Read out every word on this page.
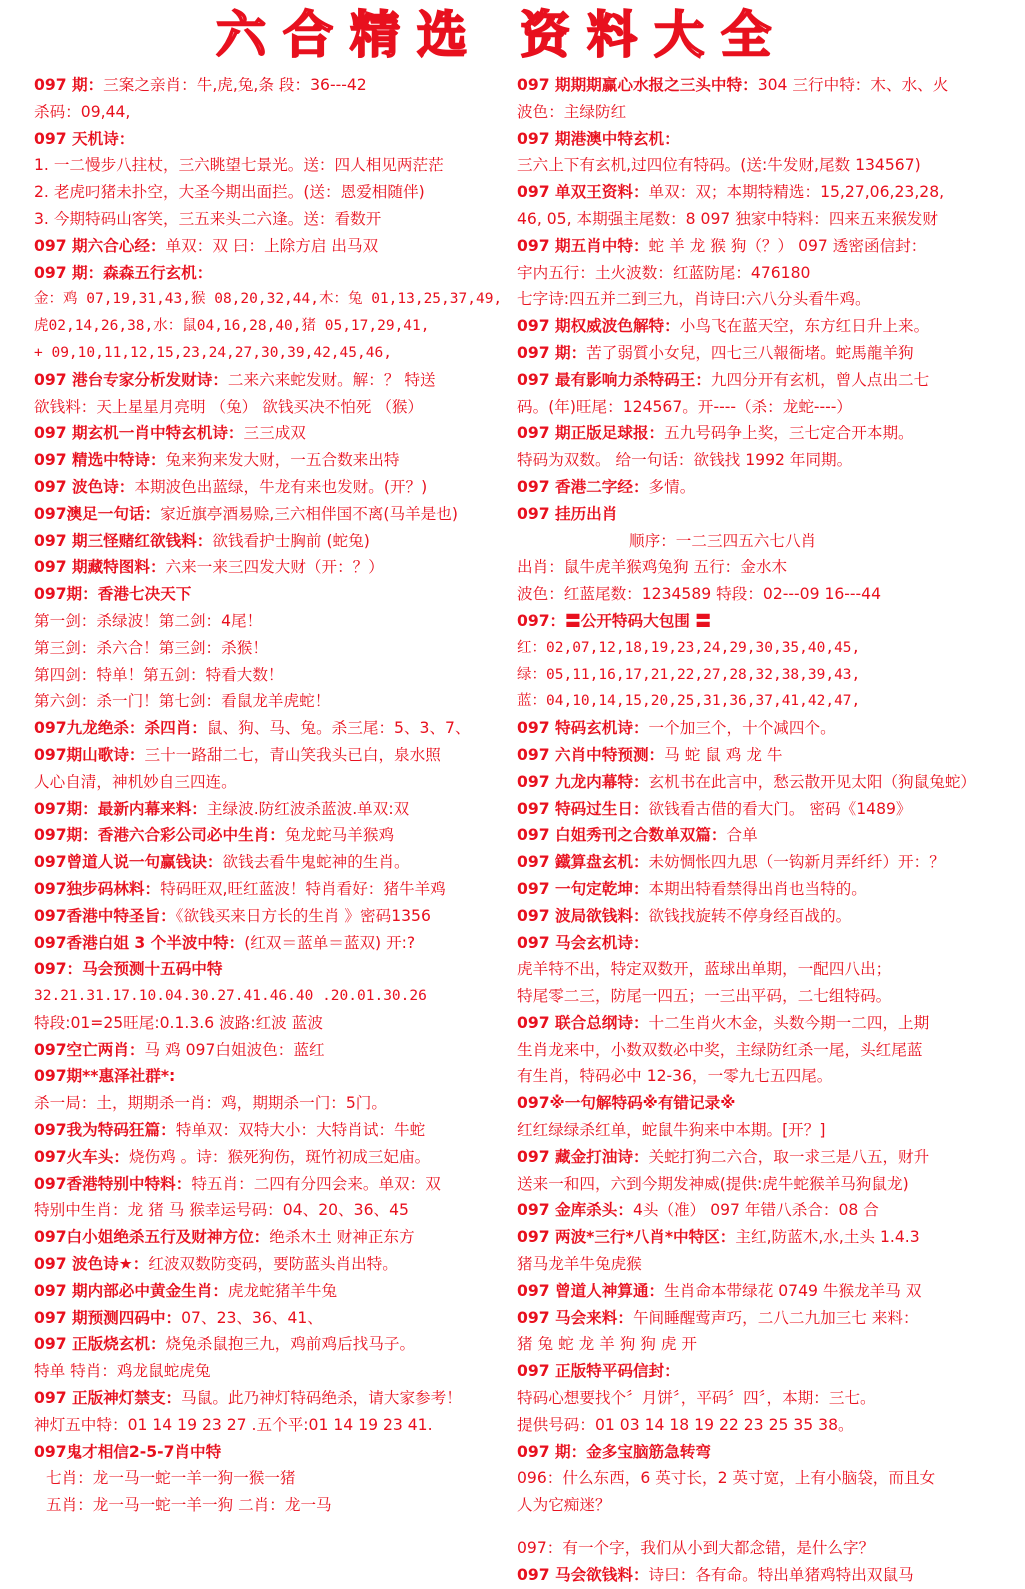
六 合 精 选 资 料 大 全
097 期：三案之亲肖：牛,虎,兔,条 段：36---42
杀码：09,44,
097 天机诗：
1. 一二慢步八拄杖，三六眺望七景光。送：四人相见两茫茫
2. 老虎叼猪未扑空，大圣今期出面拦。(送：恩爱相随伴)
3. 今期特码山客笑，三五来头二六逢。送：看数开
097 期六合心经：单双：双 曰：上除方启 出马双
097 期：森森五行玄机：
金：鸡 07,19,31,43,猴 08,20,32,44,木：兔 01,13,25,37,49,
虎02,14,26,38,水：鼠04,16,28,40,猪 05,17,29,41,
+ 09,10,11,12,15,23,24,27,30,39,42,45,46,
097 港台专家分析发财诗：二来六来蛇发财。解：？ 特送
欲钱料：天上星星月亮明 （兔） 欲钱买决不怕死 （猴）
097 期玄机一肖中特玄机诗：三三成双
097 精选中特诗：兔来狗来发大财，一五合数来出特
097 波色诗：本期波色出蓝绿，牛龙有来也发财。(开？)
097澳足一句话：家近旗亭酒易赊,三六相伴国不离(马羊是也)
097 期三怪赌红欲钱料：欲钱看护士胸前 (蛇兔)
097 期藏特图料：六来一来三四发大财（开：？）
097期：香港七决天下
第一剑：杀绿波！第二剑：4尾！
第三剑：杀六合！第三剑：杀猴！
第四剑：特单！第五剑：特看大数！
第六剑：杀一门！第七剑：看鼠龙羊虎蛇！
097九龙绝杀：杀四肖：鼠、狗、马、兔。杀三尾：5、3、7、
097期山歌诗：三十一路甜二七，青山笑我头已白，泉水照
人心自清，神机妙自三四连。
097期：最新内幕来料：主绿波.防红波杀蓝波.单双:双
097期：香港六合彩公司必中生肖：兔龙蛇马羊猴鸡
097曾道人说一句赢钱诀：欲钱去看牛鬼蛇神的生肖。
097独步码林料：特码旺双,旺红蓝波！特肖看好：猪牛羊鸡
097香港中特圣旨：《欲钱买来日方长的生肖 》密码1356
097香港白姐 3 个半波中特：(红双＝蓝单＝蓝双) 开:?
097：马会预测十五码中特
32.21.31.17.10.04.30.27.41.46.40 .20.01.30.26
特段:01=25旺尾:0.1.3.6 波路:红波 蓝波
097空亡两肖：马 鸡 097白姐波色：蓝红
097期**惠泽社群*:
杀一局：土，期期杀一肖：鸡，期期杀一门：5门。
097我为特码狂篇：特单双：双特大小：大特肖试：牛蛇
097火车头：烧伤鸡 。诗：猴死狗伤，斑竹初成三妃庙。
097香港特别中特料：特五肖：二四有分四会来。单双：双
特别中生肖：龙 猪 马 猴幸运号码：04、20、36、45
097白小姐绝杀五行及财神方位：绝杀木土 财神正东方
097 波色诗★：红波双数防变码，要防蓝头肖出特。
097 期内部必中黄金生肖：虎龙蛇猪羊牛兔
097 期预测四码中：07、23、36、41、
097 正版烧玄机：烧兔杀鼠抱三九，鸡前鸡后找马子。
特单 特肖：鸡龙鼠蛇虎兔
097 正版神灯禁支：马鼠。此乃神灯特码绝杀，请大家参考！
神灯五中特：01 14 19 23 27 .五个平:01 14 19 23 41.
097鬼才相信2-5-7肖中特
七肖：龙一马一蛇一羊一狗一猴一猪
五肖：龙一马一蛇一羊一狗 二肖：龙一马
097 期期期赢心水报之三头中特：304 三行中特：木、水、火
波色：主绿防红
097 期港澳中特玄机：
三六上下有玄机,过四位有特码。(送:牛发财,尾数 134567)
097 单双王资料：单双：双；本期特精选：15,27,06,23,28,
46, 05, 本期强主尾数：8 097 独家中特料：四来五来猴发财
097 期五肖中特：蛇 羊 龙 猴 狗（？） 097 透密函信封：
宇内五行：土火波数：红蓝防尾：476180
七字诗:四五并二到三九，肖诗曰:六八分头看牛鸡。
097 期权威波色解特：小鸟飞在蓝天空，东方红日升上来。
097 期：苦了弱質小女兒，四七三八報衙堵。蛇馬龍羊狗
097 最有影响力杀特码王：九四分开有玄机，曾人点出二七
码。(年)旺尾：124567。开----（杀：龙蛇----）
097 期正版足球报：五九号码争上奖，三七定合开本期。
特码为双数。 给一句话：欲钱找 1992 年同期。
097 香港二字经：多情。
097 挂历出肖
顺序：一二三四五六七八肖
出肖：鼠牛虎羊猴鸡兔狗 五行：金水木
波色：红蓝尾数：1234589 特段：02---09 16---44
097：〓公开特码大包围 〓
红：02,07,12,18,19,23,24,29,30,35,40,45,
绿：05,11,16,17,21,22,27,28,32,38,39,43,
蓝：04,10,14,15,20,25,31,36,37,41,42,47,
097 特码玄机诗：一个加三个，十个减四个。
097 六肖中特预测：马 蛇 鼠 鸡 龙 牛
097 九龙内幕特：玄机书在此言中，愁云散开见太阳（狗鼠兔蛇）
097 特码过生日：欲钱看古借的看大门。 密码《1489》
097 白姐秀刊之合数单双篇：合单
097 鐵算盘玄机：未妨惆怅四九思（一钩新月弄纤纤）开：？
097 一句定乾坤：本期出特看禁得出肖也当特的。
097 波局欲钱料：欲钱找旋转不停身经百战的。
097 马会玄机诗：
虎羊特不出，特定双数开，蓝球出单期，一配四八出；
特尾零二三，防尾一四五；一三出平码，二七组特码。
097 联合总纲诗：十二生肖火木金，头数今期一二四，上期
生肖龙来中，小数双数必中奖，主绿防红杀一尾，头红尾蓝
有生肖，特码必中 12-36，一零九七五四尾。
097※一句解特码※有错记录※
红红绿绿杀红单，蛇鼠牛狗来中本期。[开？]
097 藏金打油诗：关蛇打狗二六合，取一求三是八五，财升
送来一和四，六到今期发神威(提供:虎牛蛇猴羊马狗鼠龙)
097 金库杀头：4头（准） 097 年错八杀合：08 合
097 两波*三行*八肖*中特区：主红,防蓝木,水,土头 1.4.3
猪马龙羊牛兔虎猴
097 曾道人神算通：生肖命本带绿花 0749 牛猴龙羊马 双
097 马会来料：午间睡醒莺声巧，二八二九加三七 来料：
猪 兔 蛇 龙 羊 狗 狗 虎 开
097 正版特平码信封：
特码心想要找个〞月饼〞，平码〞四〞，本期：三七。
提供号码：01 03 14 18 19 22 23 25 35 38。
097 期：金多宝脑筋急转弯
096：什么东西，6 英寸长，2 英寸宽，上有小脑袋，而且女
人为它痴迷？
097：有一个字，我们从小到大都念错，是什么字？
097 马会欲钱料：诗曰：各有命。特出单猪鸡特出双鼠马
